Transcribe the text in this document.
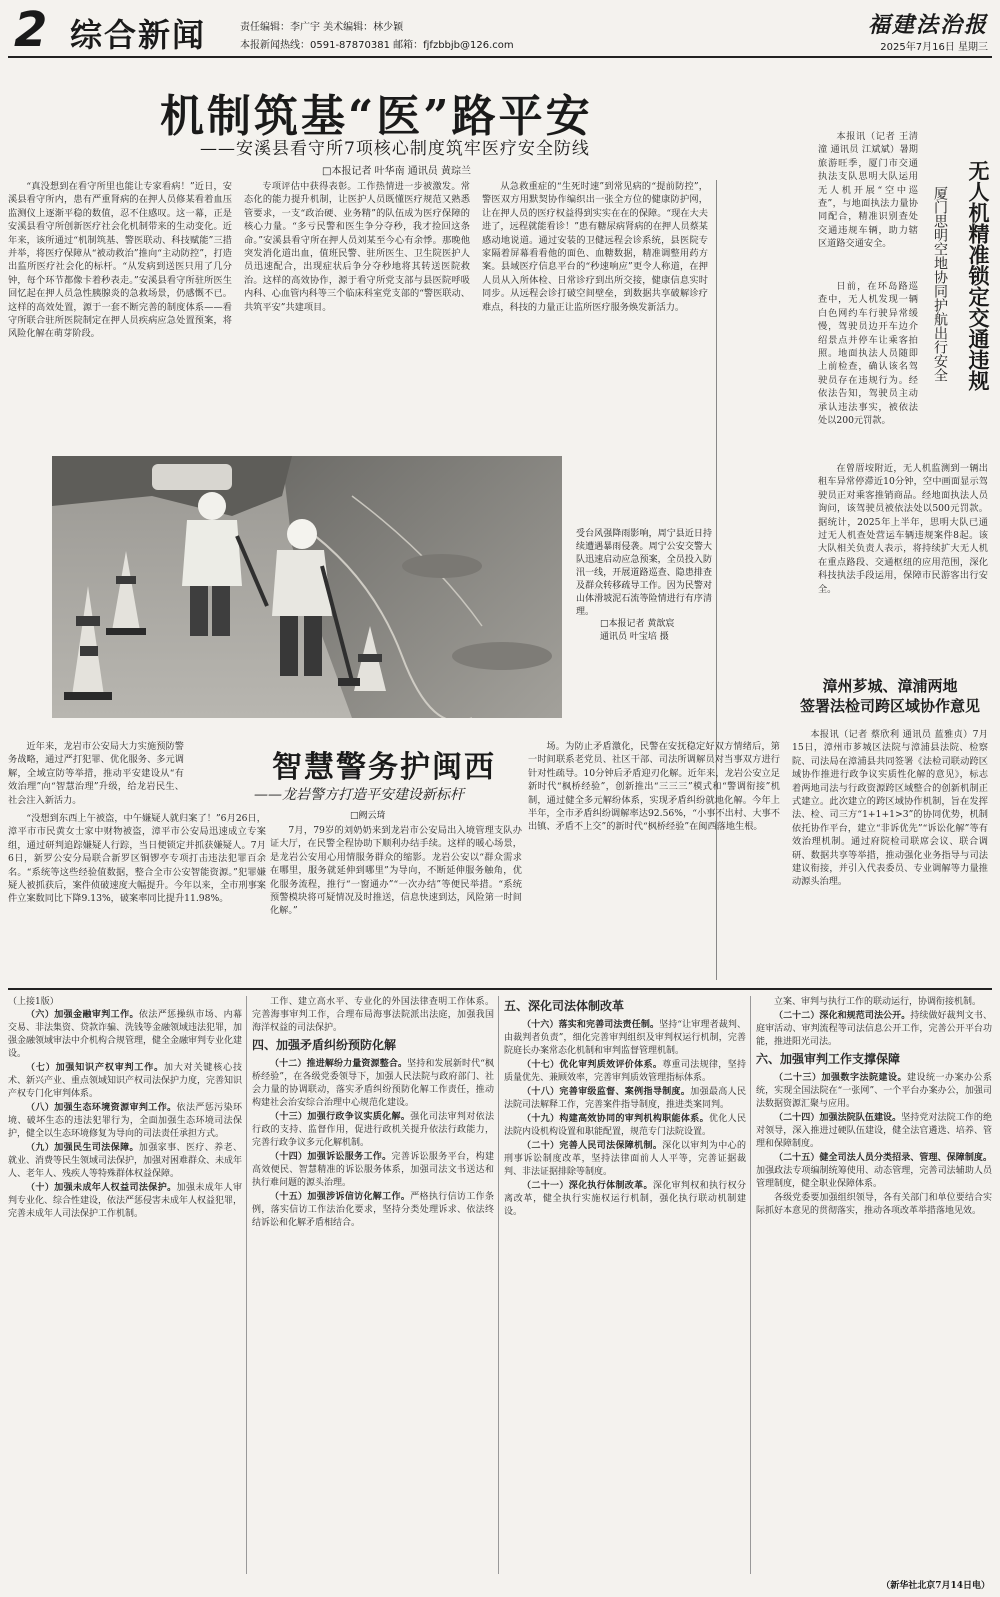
2 综合新闻	责任编辑：李广宇 美术编辑：林少颖
本报新闻热线：0591-87870381 邮箱：fjfzbbjb@126.com
福建法治报
2025年7月16日 星期三
机制筑基“医”路平安
——安溪县看守所7项核心制度筑牢医疗安全防线
□本报记者 叶华南 通讯员 黄琮兰

“真没想到在看守所里也能让专家看病！”近日，安溪县看守所内，患有严重肾病的在押人员修某看着血压监测仪上逐渐平稳的数值，忍不住感叹。这一幕，正是安溪县看守所创新医疗社会化机制带来的生动变化。近年来，该所通过“机制筑基、警医联动、科技赋能”三措并举，将医疗保障从“被动救治”推向“主动防控”，打造出监所医疗社会化的标杆。“从发病到送医只用了几分钟，每个环节都像卡着秒表走。”安溪县看守所驻所医生回忆起在押人员急性胰腺炎的急救场景，仍感慨不已。这样的高效处置，源于一套不断完善的制度体系——看守所联合驻所医院制定在押人员疾病应急处置预案，将风险化解在萌芽阶段。

专项评估中获得表彰。工作热情进一步被激发。常态化的能力提升机制，让医护人员既懂医疗规范又熟悉管要求，一支“政治硬、业务精”的队伍成为医疗保障的核心力量。“多亏民警和医生争分夺秒，我才捡回这条命。”安溪县看守所在押人员刘某至今心有余悸。那晚他突发消化道出血，值班民警、驻所医生、卫生院医护人员迅速配合，出现症状后争分夺秒地将其转送医院救治。这样的高效协作，源于看守所党支部与县医院呼吸内科、心血管内科等三个临床科室党支部的“警医联动、共筑平安”共建项目。

从急救重症的“生死时速”到常见病的“提前防控”，警医双方用默契协作编织出一张全方位的健康防护网，让在押人员的医疗权益得到实实在在的保障。“现在大夫进了，远程就能看诊！”患有糖尿病肾病的在押人员蔡某感动地说道。通过安装的卫健远程会诊系统，县医院专家隔着屏幕看看他的面色、血糖数据，精准调整用药方案。县域医疗信息平台的“秒速响应”更令人称道，在押人员从入所体检、日常诊疗到出所交接，健康信息实时同步。从远程会诊打破空间壁垒，到数据共享破解诊疗难点，科技的力量正让监所医疗服务焕发新活力。

受台风强降雨影响，周宁县近日持续遭遇暴雨侵袭。周宁公安交警大队迅速启动应急预案，全员投入防汛一线，开展道路巡查、隐患排查及群众转移疏导工作。因为民警对山体滑坡泥石流等险情进行有序清理。
□本报记者 黄歆宸
通讯员 叶宝培 摄
无人机精准锁定交通违规
厦门思明空地协同护航出行安全

本报讯（记者 王清潼 通讯员 江斌斌）暑期旅游旺季，厦门市交通执法支队思明大队运用无人机开展“空中巡查”，与地面执法力量协同配合，精准识别查处交通违规车辆，助力辖区道路交通安全。

日前，在环岛路巡查中，无人机发现一辆白色网约车行驶异常缓慢，驾驶员边开车边介绍景点并停车让乘客拍照。地面执法人员随即上前检查，确认该名驾驶员存在违规行为。经依法告知，驾驶员主动承认违法事实，被依法处以200元罚款。

在曾厝垵附近，无人机监测到一辆出租车异常停滞近10分钟，空中画面显示驾驶员正对乘客推销商品。经地面执法人员询问，该驾驶员被依法处以500元罚款。据统计，2025年上半年，思明大队已通过无人机查处营运车辆违规案件8起。该大队相关负责人表示，将持续扩大无人机在重点路段、交通枢纽的应用范围，深化科技执法手段运用，保障市民游客出行安全。

漳州芗城、漳浦两地
签署法检司跨区域协作意见

本报讯（记者 蔡欣利 通讯员 蓝雅贞）7月15日，漳州市芗城区法院与漳浦县法院、检察院、司法局在漳浦县共同签署《法检司联动跨区域协作推进行政争议实质性化解的意见》，标志着两地司法与行政资源跨区域整合的创新机制正式建立。此次建立的跨区域协作机制，旨在发挥法、检、司三方“1+1+1>3”的协同优势，机制依托协作平台，建立“非诉优先”“诉讼化解”等有效治理机制。通过府院检司联席会议、联合调研、数据共享等举措，推动强化业务指导与司法建议衔接，并引入代表委员、专业调解等力量推动源头治理。

近年来，龙岩市公安局大力实施预防警务战略，通过严打犯罪、优化服务、多元调解，全域宣防等举措，推动平安建设从“有效治理”向“智慧治理”升级，给龙岩民生、社会注入新活力。

智慧警务护闽西
——龙岩警方打造平安建设新标杆
□阙云琦

“没想到东西上午被盗，中午嫌疑人就归案了！”6月26日，漳平市市民黄女士家中财物被盗，漳平市公安局迅速成立专案组，通过研判追踪嫌疑人行踪，当日便锁定并抓获嫌疑人。7月6日，新罗公安分局联合新罗区铜锣亭专项打击违法犯罪百余名。“系统等这些经验值数据，整合全市公安智能资源。”犯罪嫌疑人被抓获后，案件侦破速度大幅提升。今年以来，全市刑事案件立案数同比下降9.13%，破案率同比提升11.98%。

7月，79岁的刘奶奶来到龙岩市公安局出入境管理支队办证大厅，在民警全程协助下顺利办结手续。这样的暖心场景，是龙岩公安用心用情服务群众的缩影。龙岩公安以“群众需求在哪里，服务就延伸到哪里”为导向，不断延伸服务触角，优化服务流程，推行“一窗通办”“一次办结”等便民举措。“系统预警模块将可疑情况及时推送，信息快速到达，风险第一时间化解。”

场。为防止矛盾激化，民警在安抚稳定好双方情绪后，第一时间联系老党员、社区干部、司法所调解员对当事双方进行针对性疏导。10分钟后矛盾迎刃化解。近年来，龙岩公安立足新时代“枫桥经验”，创新推出“三三三”模式和“警调衔接”机制，通过健全多元解纷体系，实现矛盾纠纷就地化解。今年上半年，全市矛盾纠纷调解率达92.56%，“小事不出村、大事不出镇、矛盾不上交”的新时代“枫桥经验”在闽西落地生根。

（上接1版）

（六）加强金融审判工作。依法严惩操纵市场、内幕交易、非法集资、贷款诈骗、洗钱等金融领域违法犯罪，加强金融领域审法中介机构合规管理，健全金融审判专业化建设。

（七）加强知识产权审判工作。加大对关键核心技术、新兴产业、重点领域知识产权司法保护力度，完善知识产权专门化审判体系。

（八）加强生态环境资源审判工作。依法严惩污染环境、破坏生态的违法犯罪行为，全面加强生态环境司法保护，健全以生态环境修复为导向的司法责任承担方式。

（九）加强民生司法保障。加强家事、医疗、养老、就业、消费等民生领域司法保护，加强对困难群众、未成年人、老年人、残疾人等特殊群体权益保障。

（十）加强未成年人权益司法保护。加强未成年人审判专业化、综合性建设，依法严惩侵害未成年人权益犯罪，完善未成年人司法保护工作机制。

工作、建立高水平、专业化的外国法律查明工作体系。完善海事审判工作，合理布局海事法院派出法庭，加强我国海洋权益的司法保护。

四、加强矛盾纠纷预防化解

（十二）推进解纷力量资源整合。坚持和发展新时代“枫桥经验”，在各级党委领导下，加强人民法院与政府部门、社会力量的协调联动，落实矛盾纠纷预防化解工作责任，推动构建社会治安综合治理中心规范化建设。

（十三）加强行政争议实质化解。强化司法审判对依法行政的支持、监督作用，促进行政机关提升依法行政能力，完善行政争议多元化解机制。

（十四）加强诉讼服务工作。完善诉讼服务平台，构建高效便民、智慧精准的诉讼服务体系，加强司法文书送达和执行难问题的源头治理。

（十五）加强涉诉信访化解工作。严格执行信访工作条例，落实信访工作法治化要求，坚持分类处理诉求、依法终结诉讼和化解矛盾相结合。

五、深化司法体制改革

（十六）落实和完善司法责任制。坚持“让审理者裁判、由裁判者负责”，细化完善审判组织及审判权运行机制，完善院庭长办案常态化机制和审判监督管理机制。

（十七）优化审判质效评价体系。尊重司法规律，坚持质量优先、兼顾效率，完善审判质效管理指标体系。

（十八）完善审级监督、案例指导制度。加强最高人民法院司法解释工作，完善案件指导制度，推进类案同判。

（十九）构建高效协同的审判机构职能体系。优化人民法院内设机构设置和职能配置，规范专门法院设置。

（二十）完善人民司法保障机制。深化以审判为中心的刑事诉讼制度改革，坚持法律面前人人平等，完善证据裁判、非法证据排除等制度。

（二十一）深化执行体制改革。深化审判权和执行权分离改革，健全执行实施权运行机制，强化执行联动机制建设。

立案、审判与执行工作的联动运行，协调衔接机制。

（二十二）深化和规范司法公开。持续做好裁判文书、庭审活动、审判流程等司法信息公开工作，完善公开平台功能，推进阳光司法。

六、加强审判工作支撑保障

（二十三）加强数字法院建设。建设统一办案办公系统，实现全国法院在“一张网”、一个平台办案办公，加强司法数据资源汇聚与应用。

（二十四）加强法院队伍建设。坚持党对法院工作的绝对领导，深入推进过硬队伍建设，健全法官遴选、培养、管理和保障制度。

（二十五）健全司法人员分类招录、管理、保障制度。加强政法专项编制统筹使用、动态管理，完善司法辅助人员管理制度，健全职业保障体系。

各级党委要加强组织领导，各有关部门和单位要结合实际抓好本意见的贯彻落实，推动各项改革举措落地见效。

（新华社北京7月14日电）
